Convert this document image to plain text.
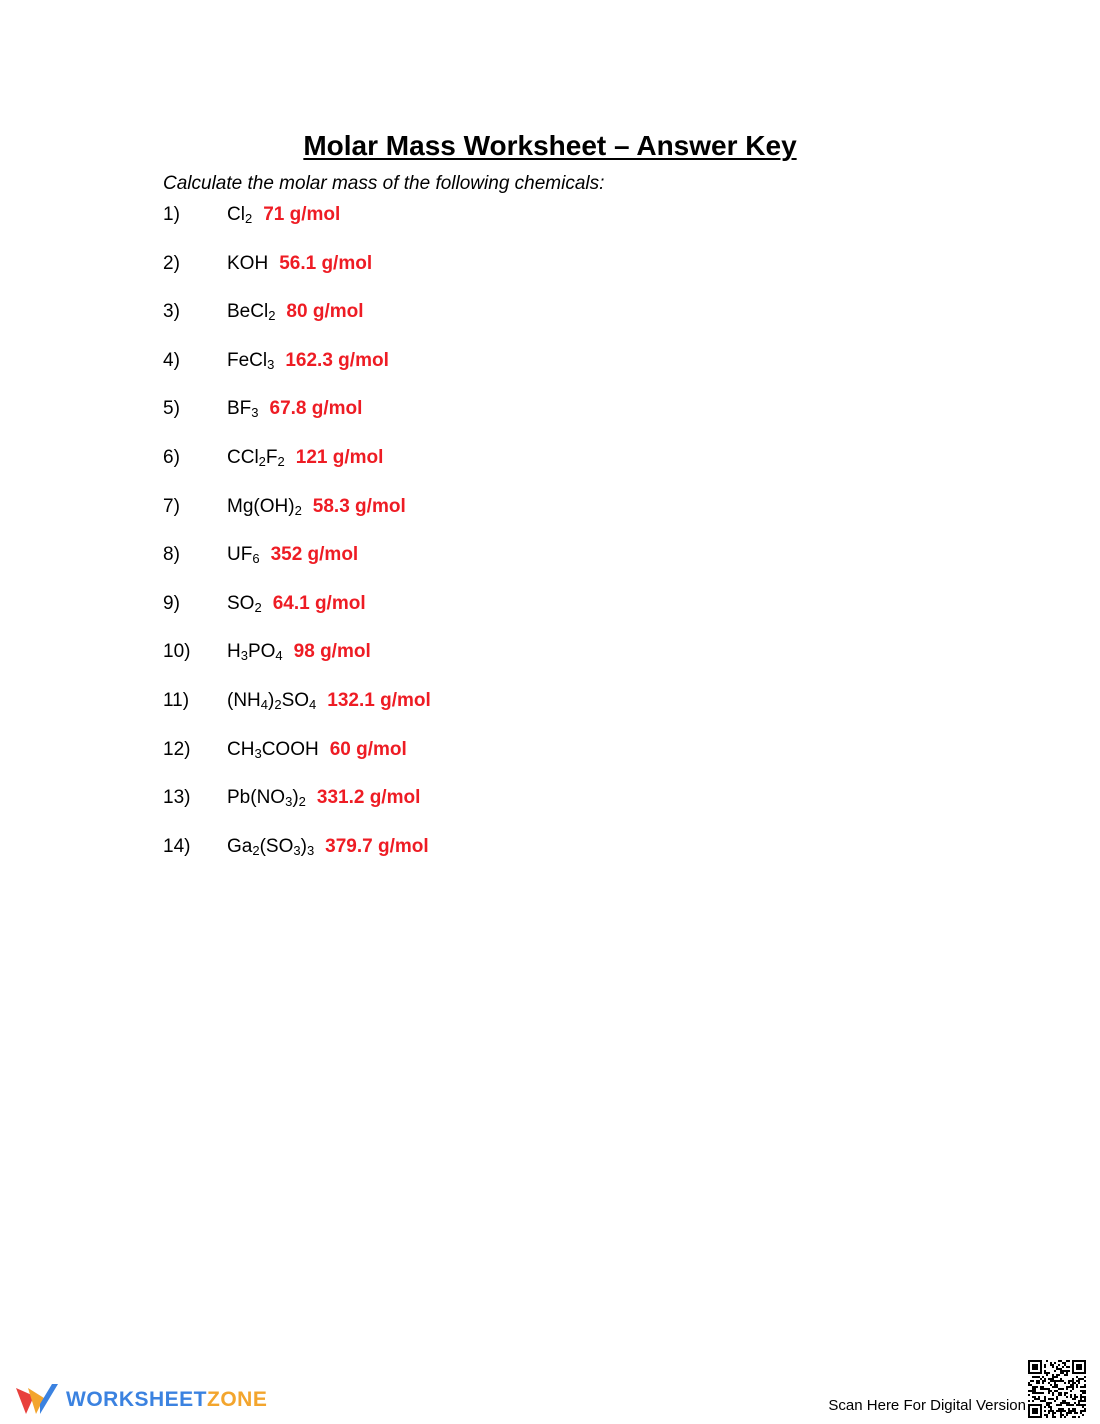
Molar Mass Worksheet – Answer Key
Calculate the molar mass of the following chemicals:
1) $Cl_2$ 71 g/mol
2) KOH 56.1 g/mol
3) BeCl$_2$ 80 g/mol
4) FeCl$_3$ 162.3 g/mol
5) $BF_3$ 67.8 g/mol
6) $CCl_2F_2$ 121 g/mol
7) $Mg(OH)_2$ 58.3 g/mol
8) $UF_6$ 352 g/mol
9) $SO_2$ 64.1 g/mol
10) $H_3PO_4$ 98 g/mol
11) $(NH_4)_2SO_4$ 132.1 g/mol
12) $CH_3COOH$ 60 g/mol
13) $Pb(NO_3)_2$ 331.2 g/mol
14) $Ga_2(SO_3)_3$ 379.7 g/mol
WORKSHEETZONE	Scan Here For Digital Version
